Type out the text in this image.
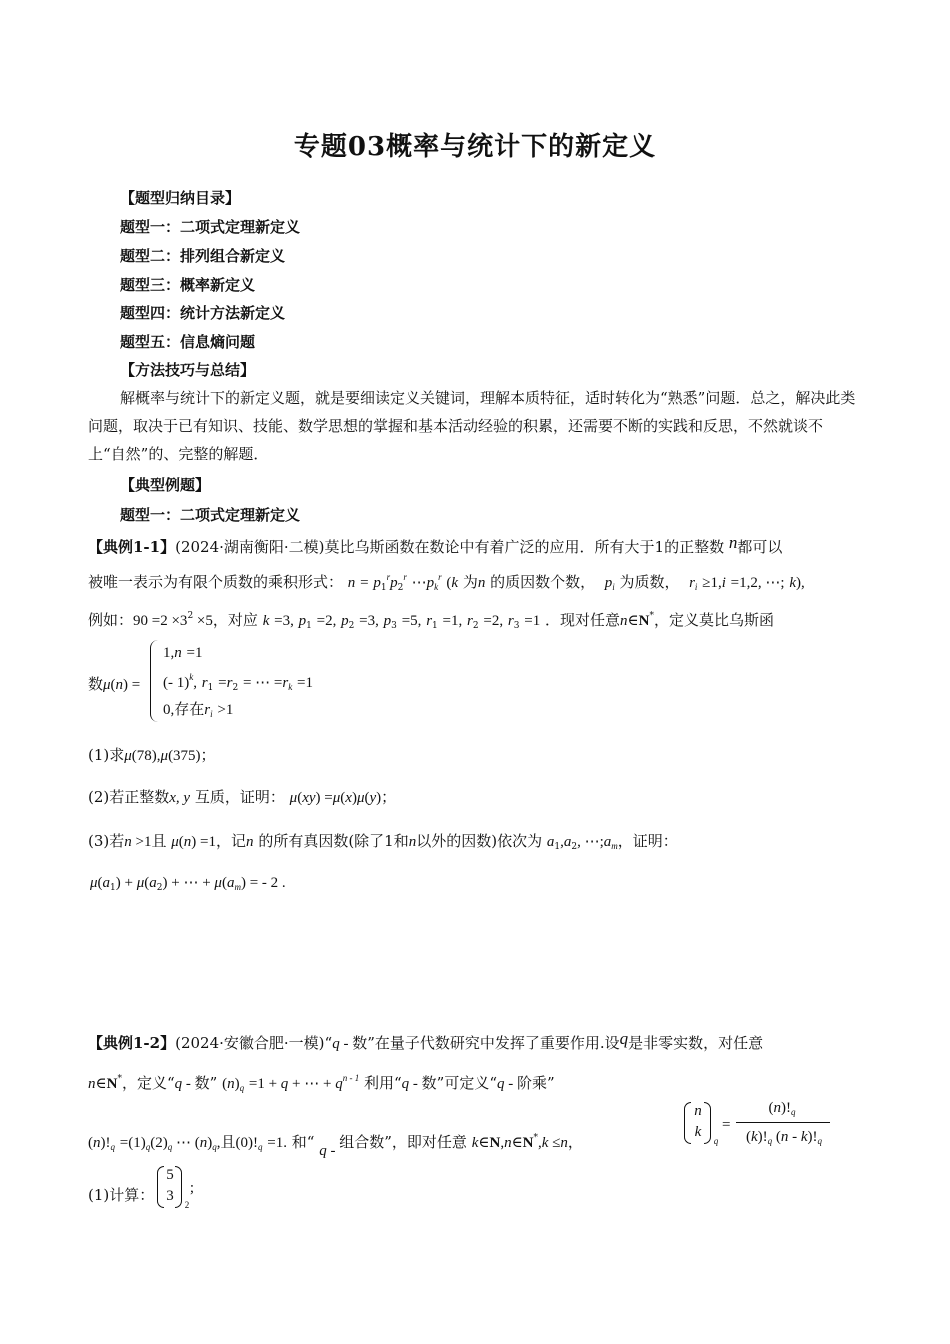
专题03概率与统计下的新定义
【题型归纳目录】
题型一：二项式定理新定义
题型二：排列组合新定义
题型三：概率新定义
题型四：统计方法新定义
题型五：信息熵问题
【方法技巧与总结】
解概率与统计下的新定义题，就是要细读定义关键词，理解本质特征，适时转化为“熟悉”问题．总之，解决此类问题，取决于已有知识、技能、数学思想的掌握和基本活动经验的积累，还需要不断的实践和反思，不然就谈不上“自然”的、完整的解题．
【典型例题】
题型一：二项式定理新定义
【典例1-1】(2024·湖南衡阳·二模)莫比乌斯函数在数论中有着广泛的应用．所有大于1的正整数 n都可以
被唯一表示为有限个质数的乘积形式： $n = p_1^rp_2^r$ $\cdots p_k^r$ (k 为n 的质因数个数， $p_i$ 为质数， $r_i \ge 1,i =1,2$, ⋯; k),
例如：$90 =2 \times 3^2 \times 5$，对应 k =3, $p_1 =2$, $p_2 =3$, $p_3 =5$, $r_1 =1$, $r_2 =2$, $r_3 =1$ ．现对任意n∈N*，定义莫比乌斯函
数μ(n) =
1,n =1
(- 1)$^k$, $r_1 =r_2$ = ⋯ $=r_k =1$
0,存在$r_i >1$
(1)求μ(78),μ(375)；
(2)若正整数x, y 互质，证明： μ(xy) =μ(x)μ(y)；
(3)若n >1且 μ(n) =1，记n 的所有真因数(除了1和n以外的因数)依次为 $a_1,a_2$, $\cdots;a_m$，证明：
$\mu(a_1) + \mu(a_2)$ + ⋯ + $\mu(a_m)$ = - 2 .
【典例1-2】(2024·安徽合肥·一模)“q - 数”在量子代数研究中发挥了重要作用.设q是非零实数，对任意
n∈N*，定义“q - 数” $(n)_q =1 + q$ + ⋯ + $q^{n - 1}$ 利用“q - 数”可定义“q - 阶乘”
$(n)!_q =(1)_q(2)_q$ ⋯ $(n)_q$,且$(0)!_q =1$. 和“ q - 组合数”，即对任意 k∈N,n∈N*,k ≤n，
n
k
q
=
$(n)!_q$
$(k)!_q$ $(n - k)!_q$
(1)计算：
5
3
2
;
